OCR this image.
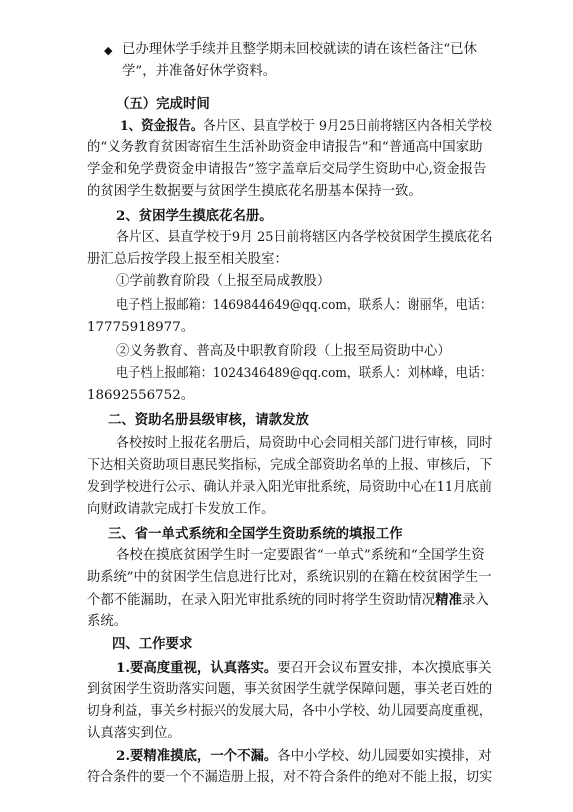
◆ 已办理休学手续并且整学期未回校就读的请在该栏备注“已休
学”，并准备好休学资料。
（五）完成时间
1、资金报告。各片区、县直学校于 9月25日前将辖区内各相关学校
的“义务教育贫困寄宿生生活补助资金申请报告”和“普通高中国家助
学金和免学费资金申请报告”签字盖章后交局学生资助中心,资金报告
的贫困学生数据要与贫困学生摸底花名册基本保持一致。
2、贫困学生摸底花名册。
各片区、县直学校于9月 25日前将辖区内各学校贫困学生摸底花名
册汇总后按学段上报至相关股室：
①学前教育阶段（上报至局成教股）
电子档上报邮箱：1469844649@qq.com，联系人：谢丽华，电话：
17775918977。
②义务教育、普高及中职教育阶段（上报至局资助中心）
电子档上报邮箱：1024346489@qq.com，联系人：刘林峰，电话：
18692556752。
二、资助名册县级审核，请款发放
各校按时上报花名册后，局资助中心会同相关部门进行审核，同时
下达相关资助项目惠民奖指标，完成全部资助名单的上报、审核后，下
发到学校进行公示、确认并录入阳光审批系统，局资助中心在11月底前
向财政请款完成打卡发放工作。
三、省一单式系统和全国学生资助系统的填报工作
各校在摸底贫困学生时一定要跟省“一单式”系统和“全国学生资
助系统”中的贫困学生信息进行比对，系统识别的在籍在校贫困学生一
个都不能漏助，在录入阳光审批系统的同时将学生资助情况精准录入
系统。
四、工作要求
1.要高度重视，认真落实。要召开会议布置安排，本次摸底事关
到贫困学生资助落实问题，事关贫困学生就学保障问题，事关老百姓的
切身利益，事关乡村振兴的发展大局，各中小学校、幼儿园要高度重视，
认真落实到位。
2.要精准摸底，一个不漏。各中小学校、幼儿园要如实摸排，对
符合条件的要一个不漏造册上报，对不符合条件的绝对不能上报，切实
